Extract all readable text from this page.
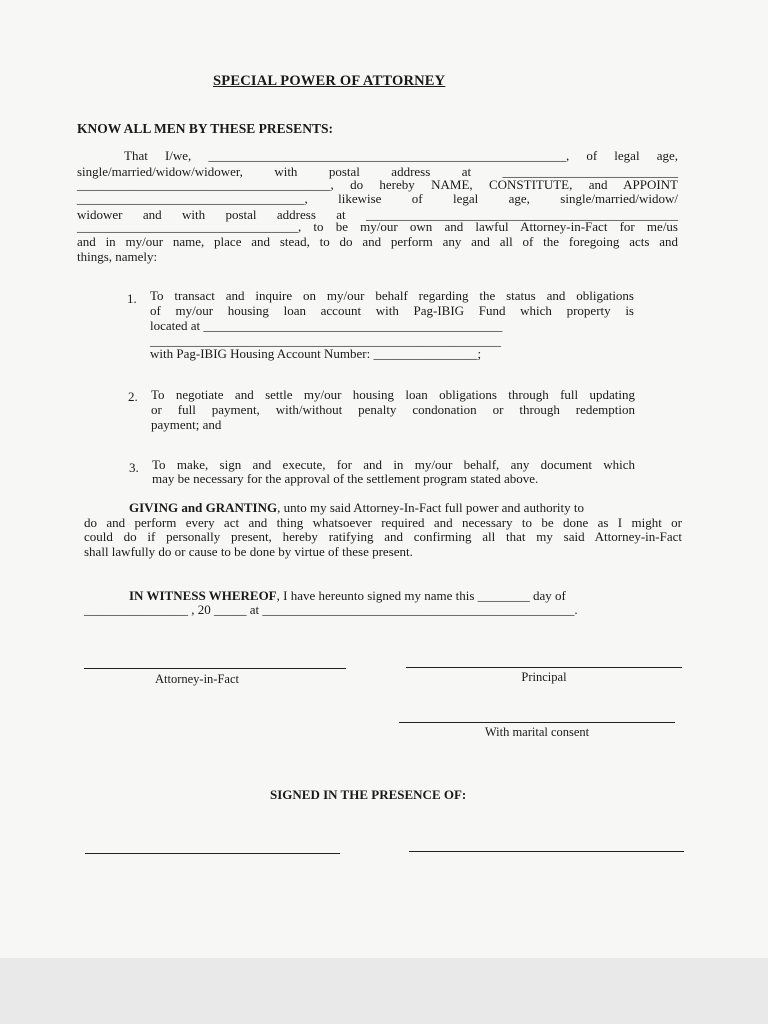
SPECIAL POWER OF ATTORNEY
KNOW ALL MEN BY THESE PRESENTS:
That I/we, _______________________________________________________, of legal age,
single/married/widow/widower, with postal address at ___________________________
_______________________________________, do hereby NAME, CONSTITUTE, and APPOINT
___________________________________, likewise of legal age, single/married/widow/
widower and with postal address at ________________________________________________
__________________________________, to be my/our own and lawful Attorney-in-Fact for me/us
and in my/our name, place and stead, to do and perform any and all of the foregoing acts and
things, namely:
1. To transact and inquire on my/our behalf regarding the status and obligations
of my/our housing loan account with Pag-IBIG Fund which property is
located at ______________________________________________
______________________________________________________
with Pag-IBIG Housing Account Number: ________________;
2. To negotiate and settle my/our housing loan obligations through full updating
or full payment, with/without penalty condonation or through redemption
payment; and
3. To make, sign and execute, for and in my/our behalf, any document which
may be necessary for the approval of the settlement program stated above.
GIVING and GRANTING, unto my said Attorney-In-Fact full power and authority to
do and perform every act and thing whatsoever required and necessary to be done as I might or
could do if personally present, hereby ratifying and confirming all that my said Attorney-in-Fact
shall lawfully do or cause to be done by virtue of these present.
IN WITNESS WHEREOF, I have hereunto signed my name this ________ day of
________________ , 20 _____ at ________________________________________________.
Attorney-in-Fact	Principal
With marital consent
SIGNED IN THE PRESENCE OF:
